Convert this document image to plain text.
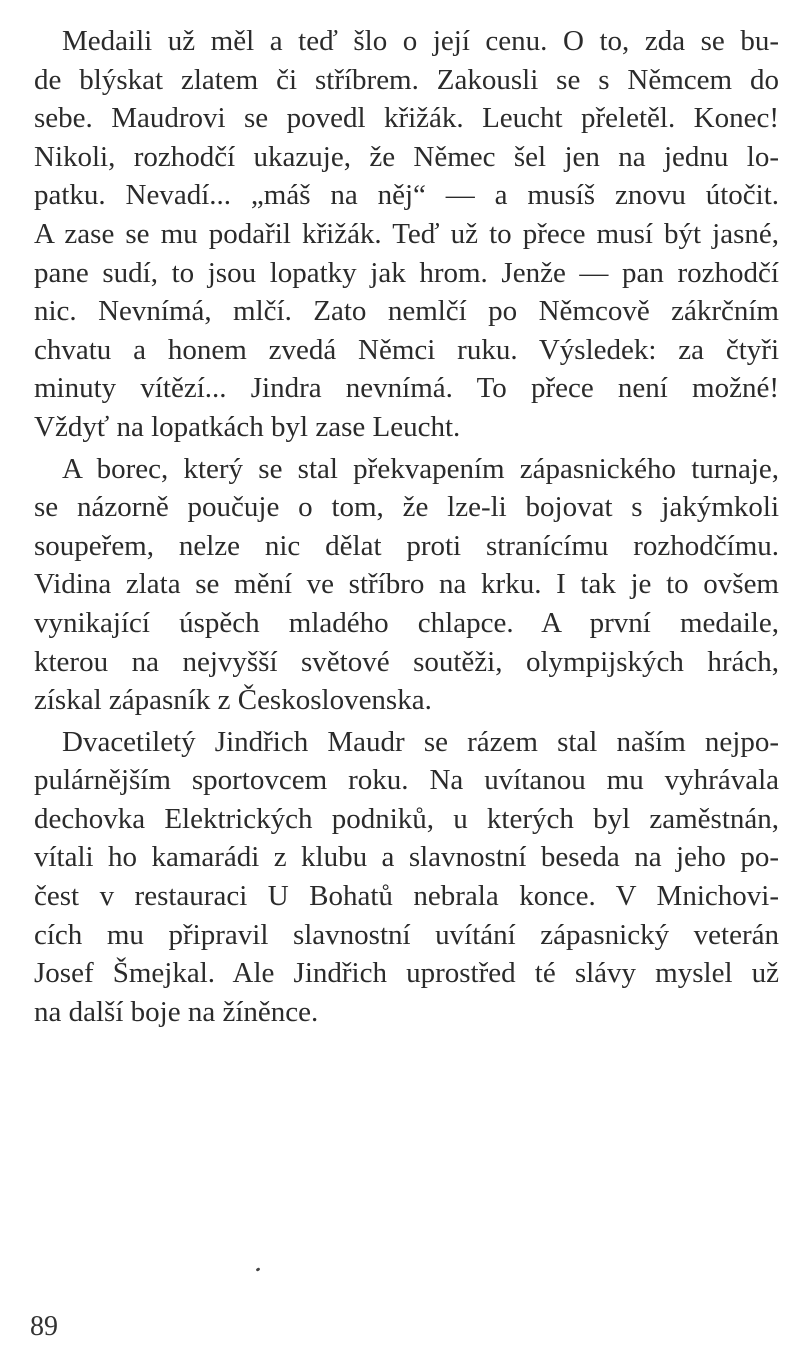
Medaili už měl a teď šlo o její cenu. O to, zda se bu-
de blýskat zlatem či stříbrem. Zakousli se s Němcem do
sebe. Maudrovi se povedl křižák. Leucht přeletěl. Konec!
Nikoli, rozhodčí ukazuje, že Němec šel jen na jednu lo-
patku. Nevadí... „máš na něj“ — a musíš znovu útočit.
A zase se mu podařil křižák. Teď už to přece musí být jasné,
pane sudí, to jsou lopatky jak hrom. Jenže — pan rozhodčí
nic. Nevnímá, mlčí. Zato nemlčí po Němcově zákrčním
chvatu a honem zvedá Němci ruku. Výsledek: za čtyři
minuty vítězí... Jindra nevnímá. To přece není možné!
Vždyť na lopatkách byl zase Leucht.
A borec, který se stal překvapením zápasnického turnaje,
se názorně poučuje o tom, že lze-li bojovat s jakýmkoli
soupeřem, nelze nic dělat proti stranícímu rozhodčímu.
Vidina zlata se mění ve stříbro na krku. I tak je to ovšem
vynikající úspěch mladého chlapce. A první medaile,
kterou na nejvyšší světové soutěži, olympijských hrách,
získal zápasník z Československa.
Dvacetiletý Jindřich Maudr se rázem stal naším nejpo-
pulárnějším sportovcem roku. Na uvítanou mu vyhrávala
dechovka Elektrických podniků, u kterých byl zaměstnán,
vítali ho kamarádi z klubu a slavnostní beseda na jeho po-
čest v restauraci U Bohatů nebrala konce. V Mnichovi-
cích mu připravil slavnostní uvítání zápasnický veterán
Josef Šmejkal. Ale Jindřich uprostřed té slávy myslel už
na další boje na žíněnce.
89
